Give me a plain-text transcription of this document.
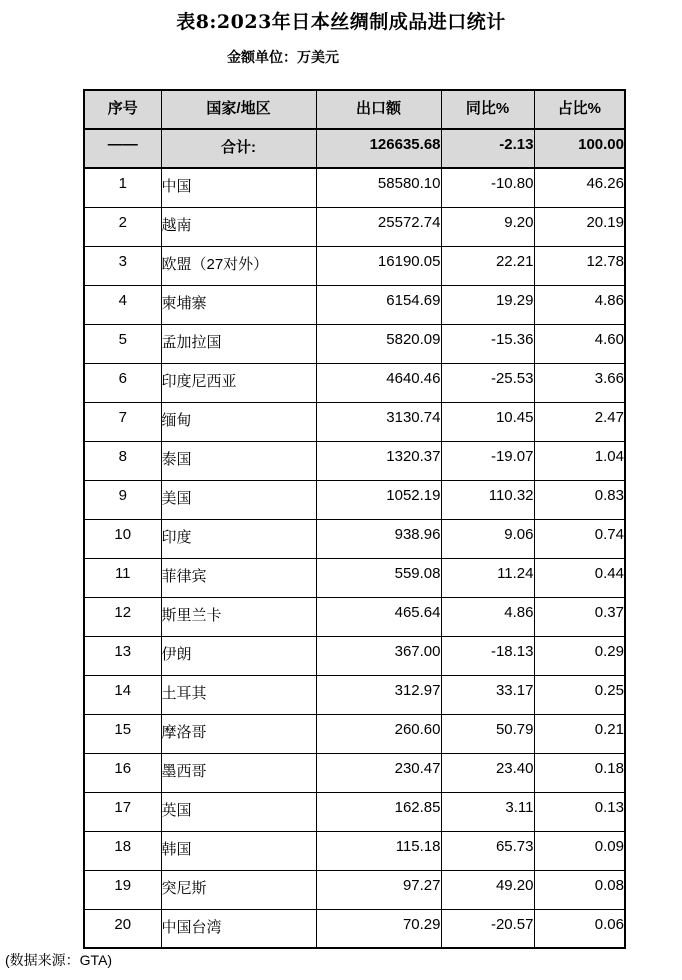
表8:2023年日本丝绸制成品进口统计
金额单位：万美元
序号	国家/地区	出口额	同比%	占比%
——	合计:	126635.68	-2.13	100.00
1	中国	58580.10	-10.80	46.26
2	越南	25572.74	9.20	20.19
3	欧盟（27对外）	16190.05	22.21	12.78
4	柬埔寨	6154.69	19.29	4.86
5	孟加拉国	5820.09	-15.36	4.60
6	印度尼西亚	4640.46	-25.53	3.66
7	缅甸	3130.74	10.45	2.47
8	泰国	1320.37	-19.07	1.04
9	美国	1052.19	110.32	0.83
10	印度	938.96	9.06	0.74
11	菲律宾	559.08	11.24	0.44
12	斯里兰卡	465.64	4.86	0.37
13	伊朗	367.00	-18.13	0.29
14	土耳其	312.97	33.17	0.25
15	摩洛哥	260.60	50.79	0.21
16	墨西哥	230.47	23.40	0.18
17	英国	162.85	3.11	0.13
18	韩国	115.18	65.73	0.09
19	突尼斯	97.27	49.20	0.08
20	中国台湾	70.29	-20.57	0.06
(数据来源：GTA)
